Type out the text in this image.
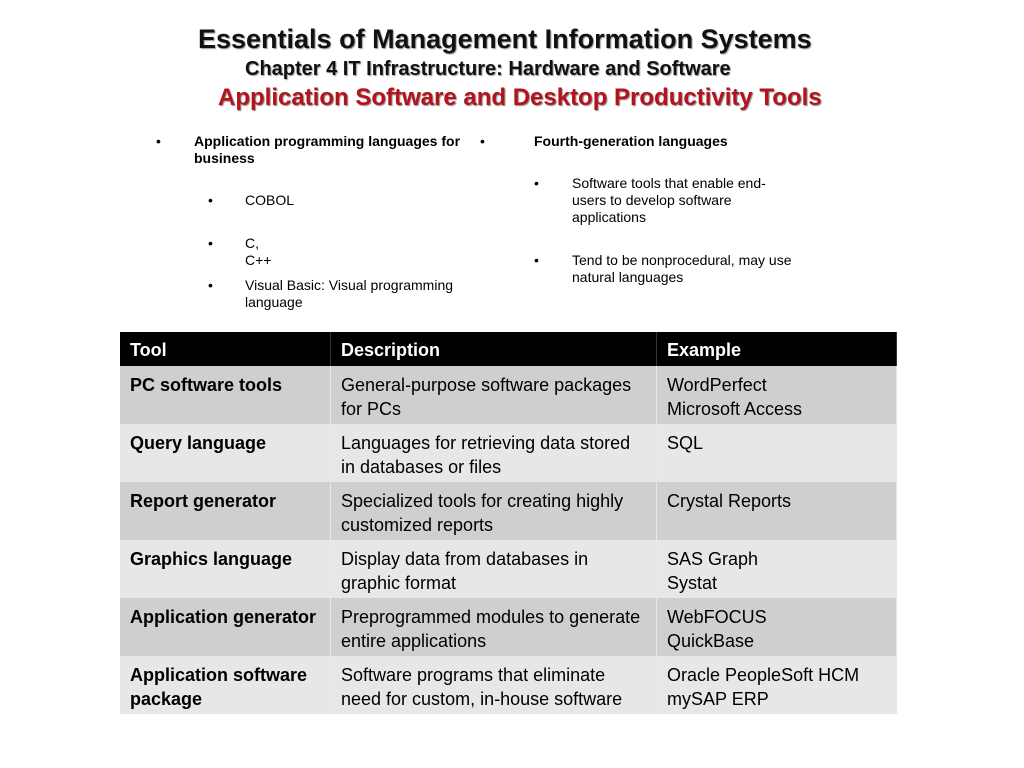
Essentials of Management Information Systems
Chapter 4 IT Infrastructure: Hardware and Software
Application Software and Desktop Productivity Tools
• Application programming languages for business
• COBOL
• C, C++
• Visual Basic: Visual programming language
•	Fourth-generation languages
• Software tools that enable end-users to develop software applications
• Tend to be nonprocedural, may use natural languages
Tool	Description	Example
PC software tools	General-purpose software packages for PCs	WordPerfect
Microsoft Access

Query language	Languages for retrieving data stored in databases or files	SQL

Report generator	Specialized tools for creating highly customized reports	Crystal Reports

Graphics language	Display data from databases in graphic format	SAS Graph
Systat

Application generator	Preprogrammed modules to generate entire applications	WebFOCUS
QuickBase

Application software package	Software programs that eliminate need for custom, in-house software	Oracle PeopleSoft HCM
mySAP ERP
